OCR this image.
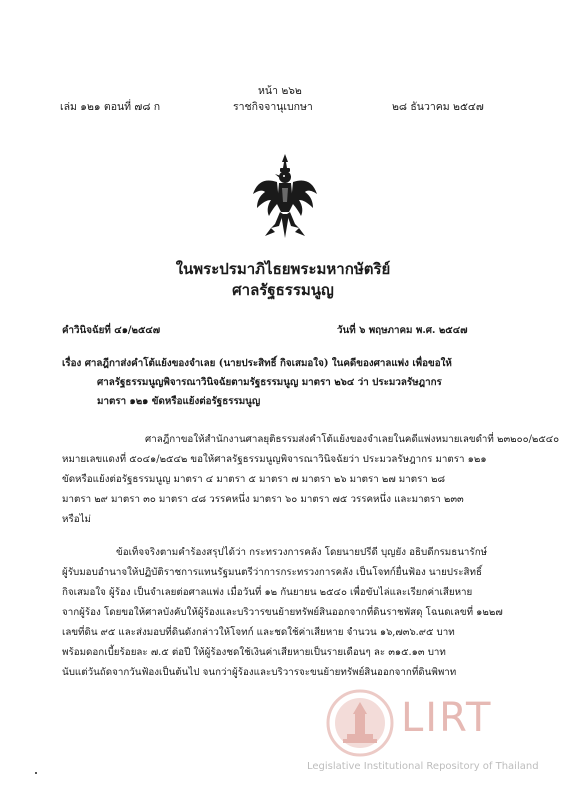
หน้า ๒๖๒
เล่ม ๑๒๑ ตอนที่ ๗๘ ก	ราชกิจจานุเบกษา	๒๘ ธันวาคม ๒๕๔๗
ในพระปรมาภิไธยพระมหากษัตริย์
ศาลรัฐธรรมนูญ
คำวินิจฉัยที่ ๔๑/๒๕๔๗	วันที่ ๖ พฤษภาคม พ.ศ. ๒๕๔๗
เรื่อง ศาลฎีกาส่งคำโต้แย้งของจำเลย (นายประสิทธิ์ กิจเสมอใจ) ในคดีของศาลแพ่ง เพื่อขอให้
ศาลรัฐธรรมนูญพิจารณาวินิจฉัยตามรัฐธรรมนูญ มาตรา ๒๖๔ ว่า ประมวลรัษฎากร
มาตรา ๑๒๑ ขัดหรือแย้งต่อรัฐธรรมนูญ
ศาลฎีกาขอให้สำนักงานศาลยุติธรรมส่งคำโต้แย้งของจำเลยในคดีแพ่งหมายเลขดำที่ ๒๓๒๐๐/๒๕๔๐
หมายเลขแดงที่ ๕๐๔๑/๒๕๔๒ ขอให้ศาลรัฐธรรมนูญพิจารณาวินิจฉัยว่า ประมวลรัษฎากร มาตรา ๑๒๑
ขัดหรือแย้งต่อรัฐธรรมนูญ มาตรา ๔ มาตรา ๕ มาตรา ๗ มาตรา ๒๖ มาตรา ๒๗ มาตรา ๒๘
มาตรา ๒๙ มาตรา ๓๐ มาตรา ๔๘ วรรคหนึ่ง มาตรา ๖๐ มาตรา ๗๕ วรรคหนึ่ง และมาตรา ๒๓๓
หรือไม่
ข้อเท็จจริงตามคำร้องสรุปได้ว่า กระทรวงการคลัง โดยนายปรีดี บุญยัง อธิบดีกรมธนารักษ์
ผู้รับมอบอำนาจให้ปฏิบัติราชการแทนรัฐมนตรีว่าการกระทรวงการคลัง เป็นโจทก์ยื่นฟ้อง นายประสิทธิ์
กิจเสมอใจ ผู้ร้อง เป็นจำเลยต่อศาลแพ่ง เมื่อวันที่ ๑๒ กันยายน ๒๕๔๐ เพื่อขับไล่และเรียกค่าเสียหาย
จากผู้ร้อง โดยขอให้ศาลบังคับให้ผู้ร้องและบริวารขนย้ายทรัพย์สินออกจากที่ดินราชพัสดุ โฉนดเลขที่ ๑๒๒๗
เลขที่ดิน ๙๕ และส่งมอบที่ดินดังกล่าวให้โจทก์ และชดใช้ค่าเสียหาย จำนวน ๑๖,๗๓๖.๙๕ บาท
พร้อมดอกเบี้ยร้อยละ ๗.๕ ต่อปี ให้ผู้ร้องชดใช้เงินค่าเสียหายเป็นรายเดือนๆ ละ ๓๑๕.๑๓ บาท
นับแต่วันถัดจากวันฟ้องเป็นต้นไป จนกว่าผู้ร้องและบริวารจะขนย้ายทรัพย์สินออกจากที่ดินพิพาท
LIRT
Legislative Institutional Repository of Thailand
